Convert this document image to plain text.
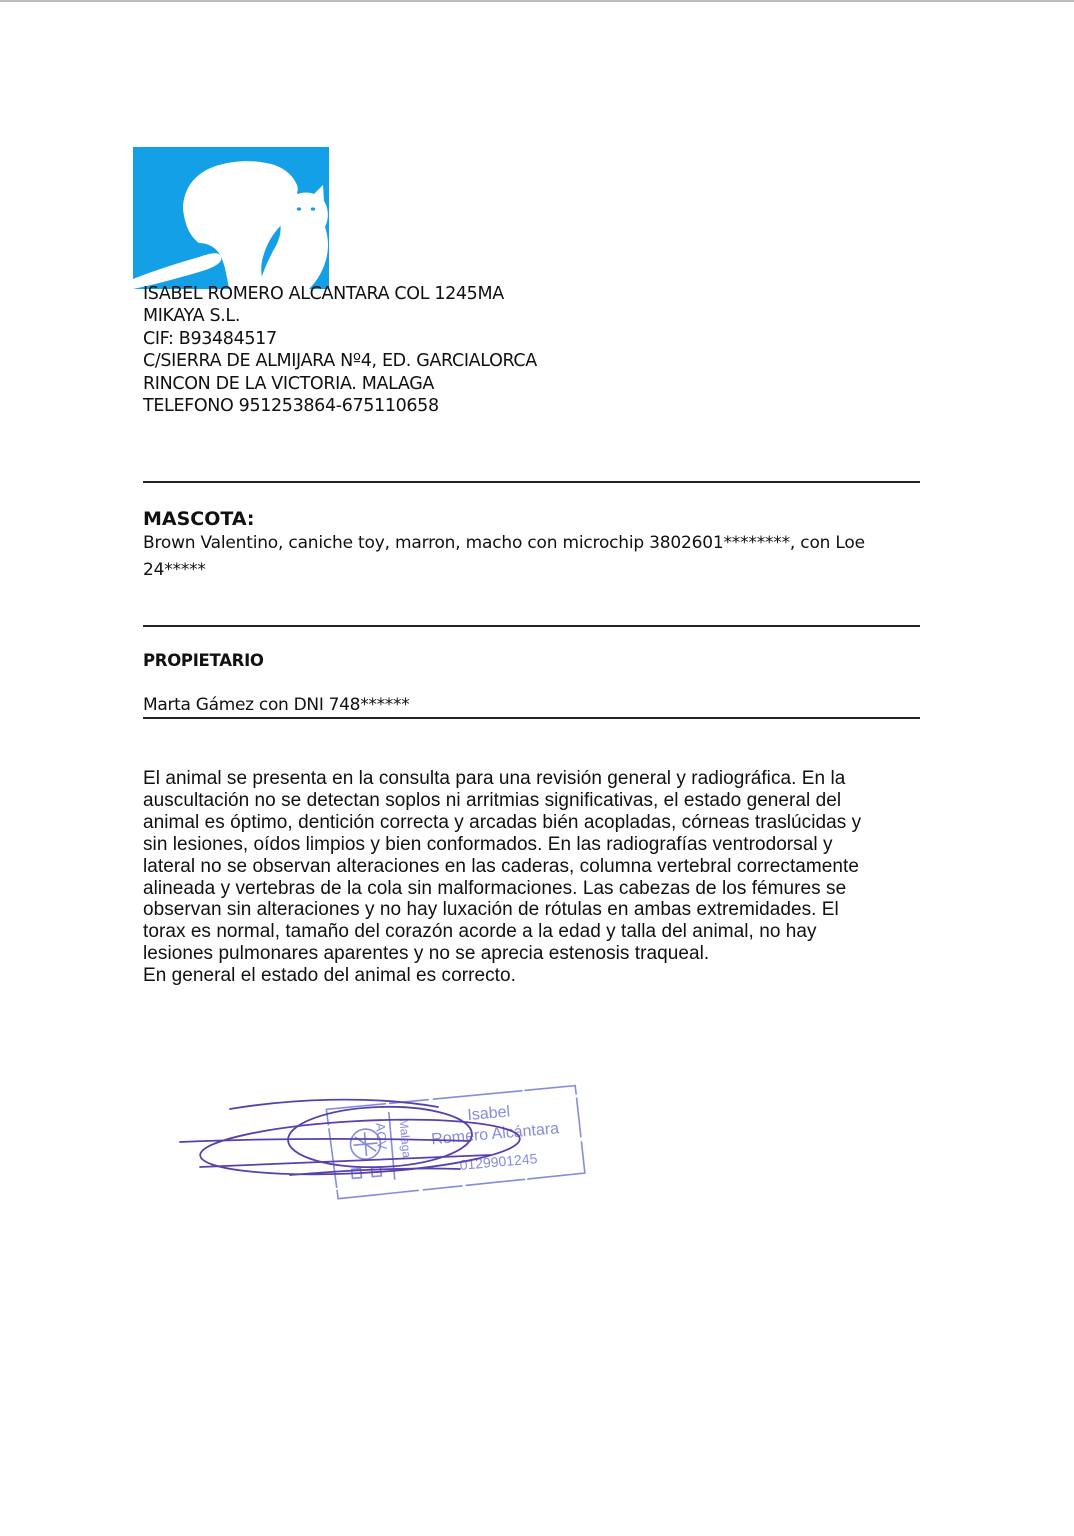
ISABEL ROMERO ALCANTARA COL 1245MA
MIKAYA S.L.
CIF: B93484517
C/SIERRA DE ALMIJARA Nº4, ED. GARCIALORCA
RINCON DE LA VICTORIA. MALAGA
TELEFONO 951253864-675110658
MASCOTA:
Brown Valentino, caniche toy, marron, macho con microchip 3802601********, con Loe 24*****
PROPIETARIO
Marta Gámez con DNI 748******
El animal se presenta en la consulta para una revisión general y radiográfica. En la
auscultación no se detectan soplos ni arritmias significativas, el estado general del
animal es óptimo, dentición correcta y arcadas bién acopladas, córneas traslúcidas y
sin lesiones, oídos limpios y bien conformados. En las radiografías ventrodorsal y
lateral no se observan alteraciones en las caderas, columna vertebral correctamente
alineada y vertebras de la cola sin malformaciones. Las cabezas de los fémures se
observan sin alteraciones y no hay luxación de rótulas en ambas extremidades. El
torax es normal, tamaño del corazón acorde a la edad y talla del animal, no hay
lesiones pulmonares aparentes y no se aprecia estenosis traqueal.
En general el estado del animal es correcto.
Isabel
Romero Alcántara
0129901245
ACV Malaga
